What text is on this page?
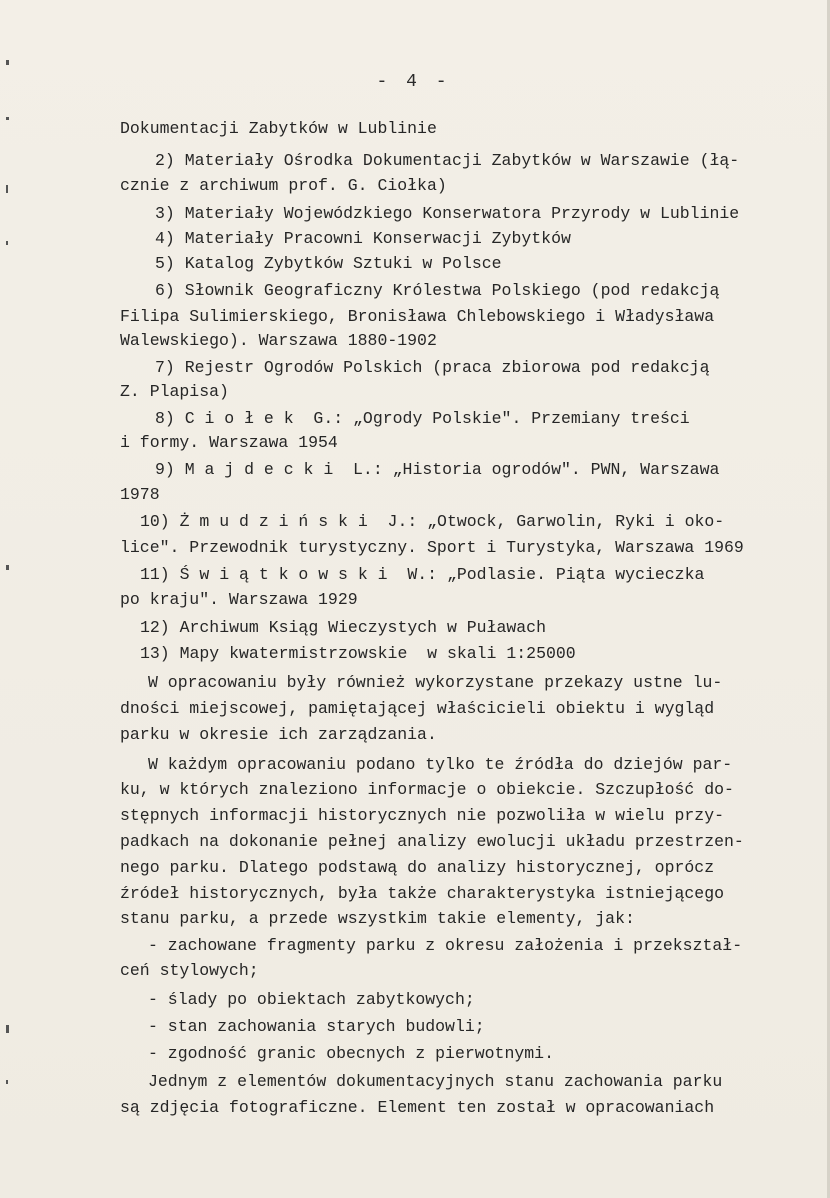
- 4 -
Dokumentacji Zabytków w Lublinie
2) Materiały Ośrodka Dokumentacji Zabytków w Warszawie (łą-
cznie z archiwum prof. G. Ciołka)
3) Materiały Wojewódzkiego Konserwatora Przyrody w Lublinie
4) Materiały Pracowni Konserwacji Zybytków
5) Katalog Zybytków Sztuki w Polsce
6) Słownik Geograficzny Królestwa Polskiego (pod redakcją
Filipa Sulimierskiego, Bronisława Chlebowskiego i Władysława
Walewskiego). Warszawa 1880-1902
7) Rejestr Ogrodów Polskich (praca zbiorowa pod redakcją
Z. Plapisa)
8) C i o ł e k  G.: „Ogrody Polskie". Przemiany treści
i formy. Warszawa 1954
9) M a j d e c k i  L.: „Historia ogrodów". PWN, Warszawa
1978
10) Ż m u d z i ń s k i  J.: „Otwock, Garwolin, Ryki i oko-
lice". Przewodnik turystyczny. Sport i Turystyka, Warszawa 1969
11) Ś w i ą t k o w s k i  W.: „Podlasie. Piąta wycieczka
po kraju". Warszawa 1929
12) Archiwum Ksiąg Wieczystych w Puławach
13) Mapy kwatermistrzowskie  w skali 1:25000
W opracowaniu były również wykorzystane przekazy ustne lu-
dności miejscowej, pamiętającej właścicieli obiektu i wygląd
parku w okresie ich zarządzania.
W każdym opracowaniu podano tylko te źródła do dziejów par-
ku, w których znaleziono informacje o obiekcie. Szczupłość do-
stępnych informacji historycznych nie pozwoliła w wielu przy-
padkach na dokonanie pełnej analizy ewolucji układu przestrzen-
nego parku. Dlatego podstawą do analizy historycznej, oprócz
źródeł historycznych, była także charakterystyka istniejącego
stanu parku, a przede wszystkim takie elementy, jak:
- zachowane fragmenty parku z okresu założenia i przekształ-
ceń stylowych;
- ślady po obiektach zabytkowych;
- stan zachowania starych budowli;
- zgodność granic obecnych z pierwotnymi.
Jednym z elementów dokumentacyjnych stanu zachowania parku
są zdjęcia fotograficzne. Element ten został w opracowaniach
